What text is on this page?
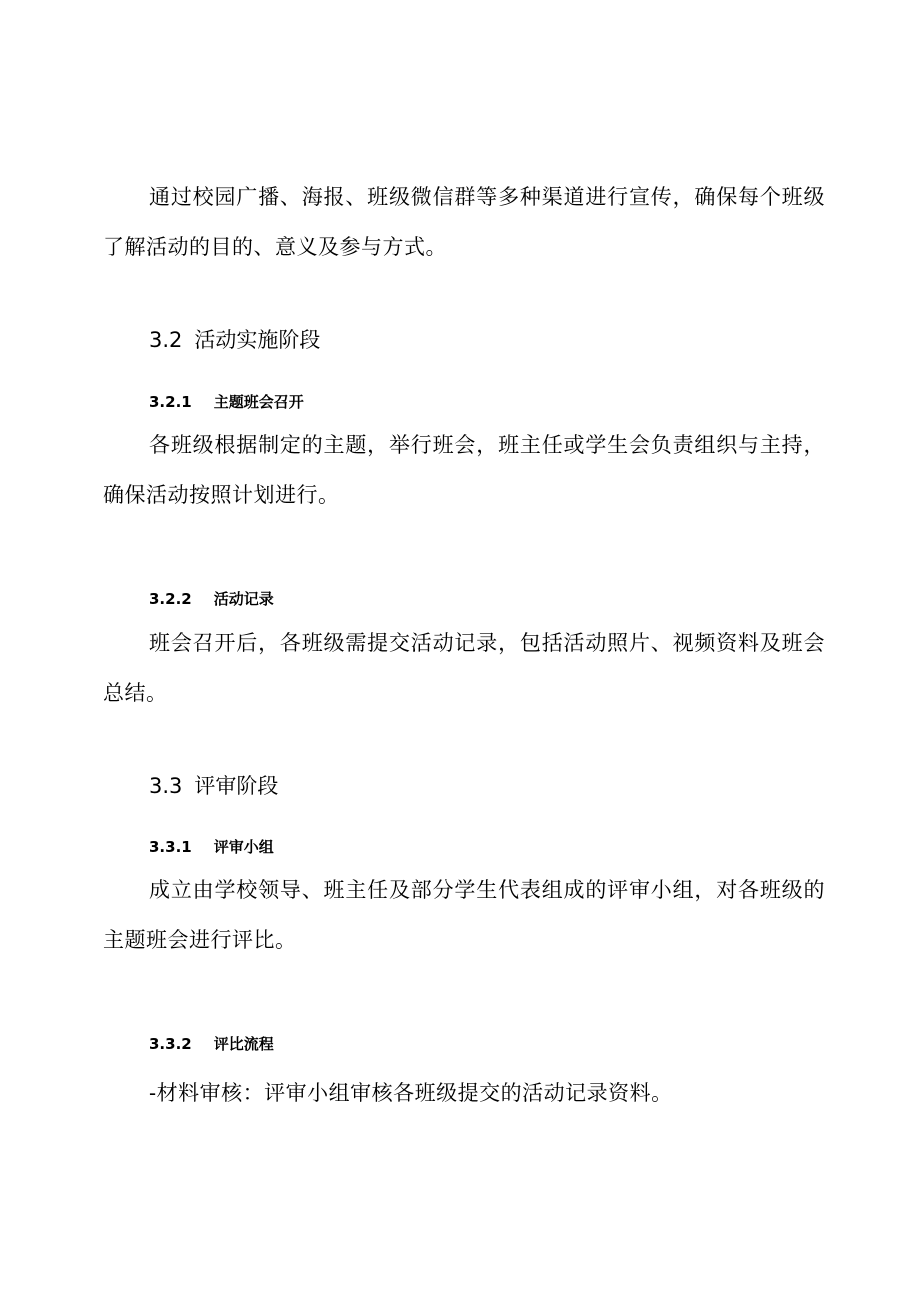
通过校园广播、海报、班级微信群等多种渠道进行宣传，确保每个班级了解活动的目的、意义及参与方式。

3.2 活动实施阶段
3.2.1 主题班会召开

各班级根据制定的主题，举行班会，班主任或学生会负责组织与主持，确保活动按照计划进行。

3.2.2 活动记录

班会召开后，各班级需提交活动记录，包括活动照片、视频资料及班会总结。

3.3 评审阶段
3.3.1 评审小组

成立由学校领导、班主任及部分学生代表组成的评审小组，对各班级的主题班会进行评比。

3.3.2 评比流程

-材料审核：评审小组审核各班级提交的活动记录资料。
